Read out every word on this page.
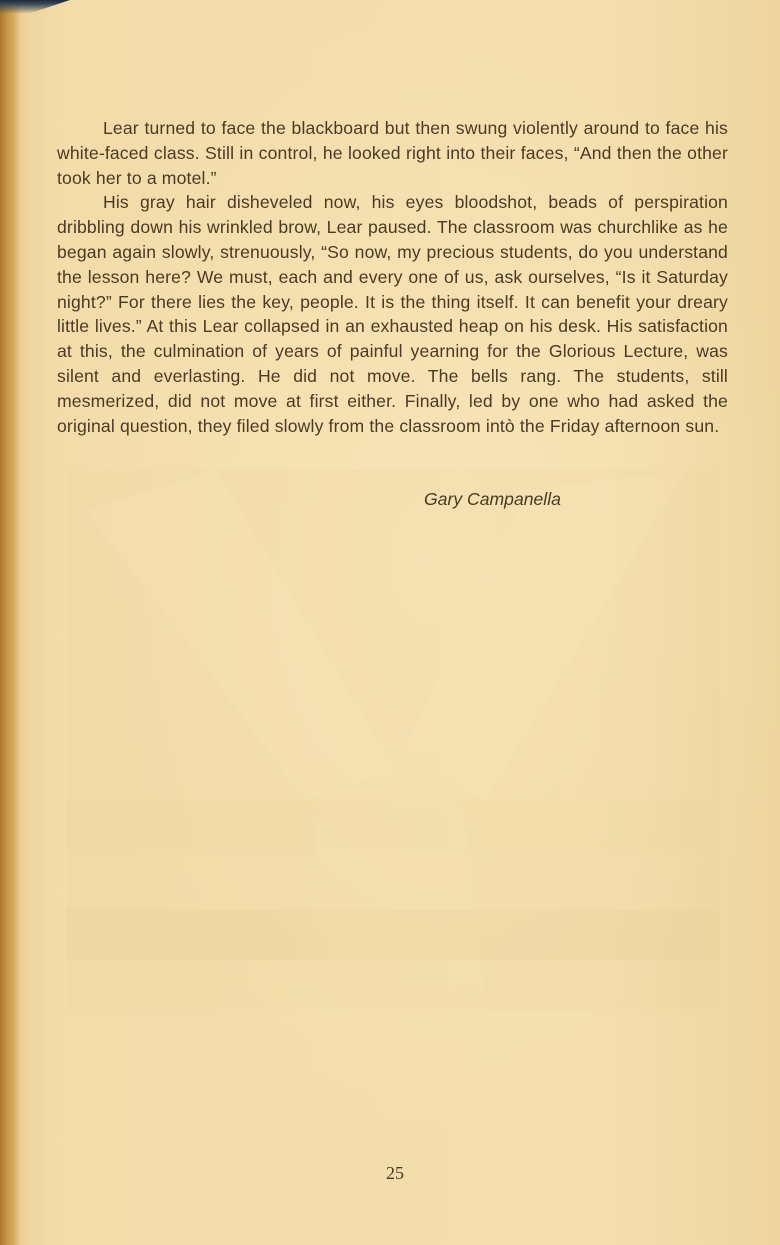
Lear turned to face the blackboard but then swung violently around to face his white-faced class. Still in control, he looked right into their faces, “And then the other took her to a motel.”

His gray hair disheveled now, his eyes bloodshot, beads of perspiration dribbling down his wrinkled brow, Lear paused. The classroom was churchlike as he began again slowly, strenuously, “So now, my precious students, do you understand the lesson here? We must, each and every one of us, ask ourselves, “Is it Saturday night?” For there lies the key, people. It is the thing itself. It can benefit your dreary little lives.” At this Lear collapsed in an exhausted heap on his desk. His satisfaction at this, the culmination of years of painful yearning for the Glorious Lecture, was silent and everlasting. He did not move. The bells rang. The students, still mesmerized, did not move at first either. Finally, led by one who had asked the original question, they filed slowly from the classroom intò the Friday afternoon sun.

Gary Campanella
25
